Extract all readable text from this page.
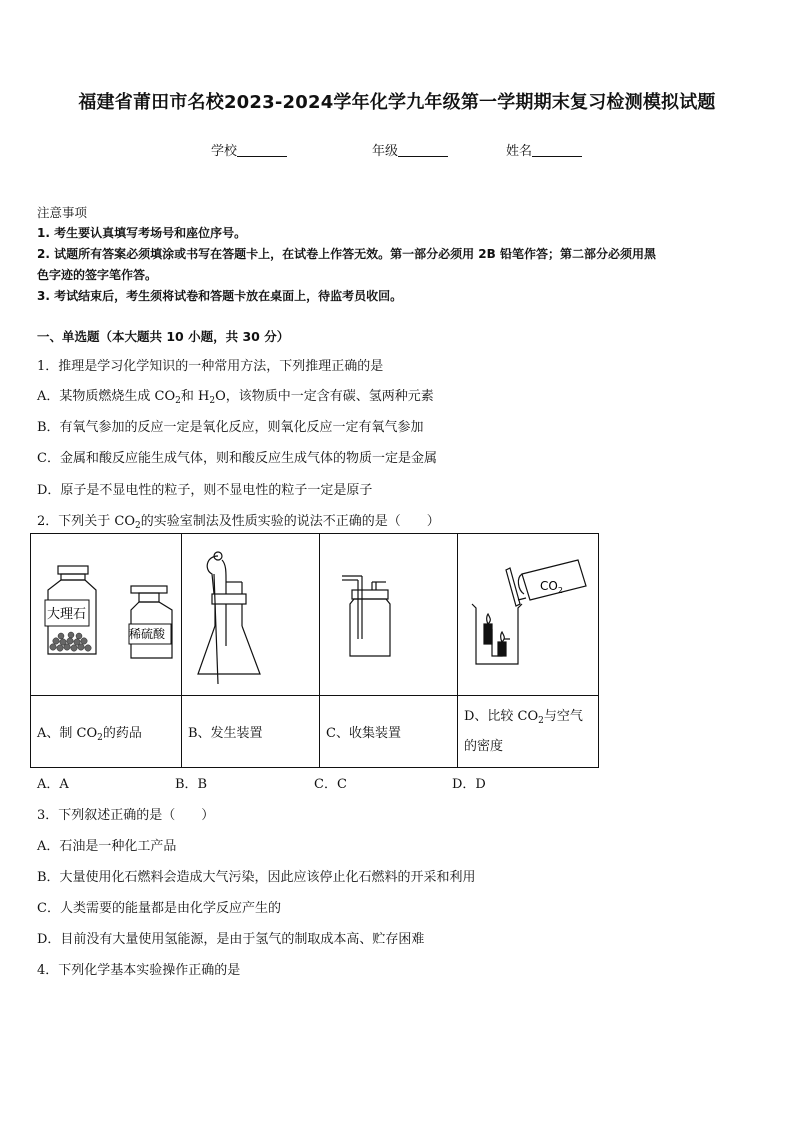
福建省莆田市名校2023-2024学年化学九年级第一学期期末复习检测模拟试题
学校	年级	姓名
注意事项
1. 考生要认真填写考场号和座位序号。
2. 试题所有答案必须填涂或书写在答题卡上，在试卷上作答无效。第一部分必须用 2B 铅笔作答；第二部分必须用黑
色字迹的签字笔作答。
3. 考试结束后，考生须将试卷和答题卡放在桌面上，待监考员收回。
一、单选题（本大题共 10 小题，共 30 分）
1．推理是学习化学知识的一种常用方法，下列推理正确的是
A．某物质燃烧生成 $CO_2$和 $H_2O$，该物质中一定含有碳、氢两种元素
B．有氧气参加的反应一定是氧化反应，则氧化反应一定有氧气参加
C．金属和酸反应能生成气体，则和酸反应生成气体的物质一定是金属
D．原子是不显电性的粒子，则不显电性的粒子一定是原子
2．下列关于 $CO_2$的实验室制法及性质实验的说法不正确的是（　　）
大理石
稀硫酸			$CO_2$

A、制 $CO_2$的药品	B、发生装置	C、收集装置	D、比较 $CO_2$与空气
的密度
A．A	B．B	C．C	D．D
3．下列叙述正确的是（　　）
A．石油是一种化工产品
B．大量使用化石燃料会造成大气污染，因此应该停止化石燃料的开采和利用
C．人类需要的能量都是由化学反应产生的
D．目前没有大量使用氢能源，是由于氢气的制取成本高、贮存困难
4．下列化学基本实验操作正确的是
